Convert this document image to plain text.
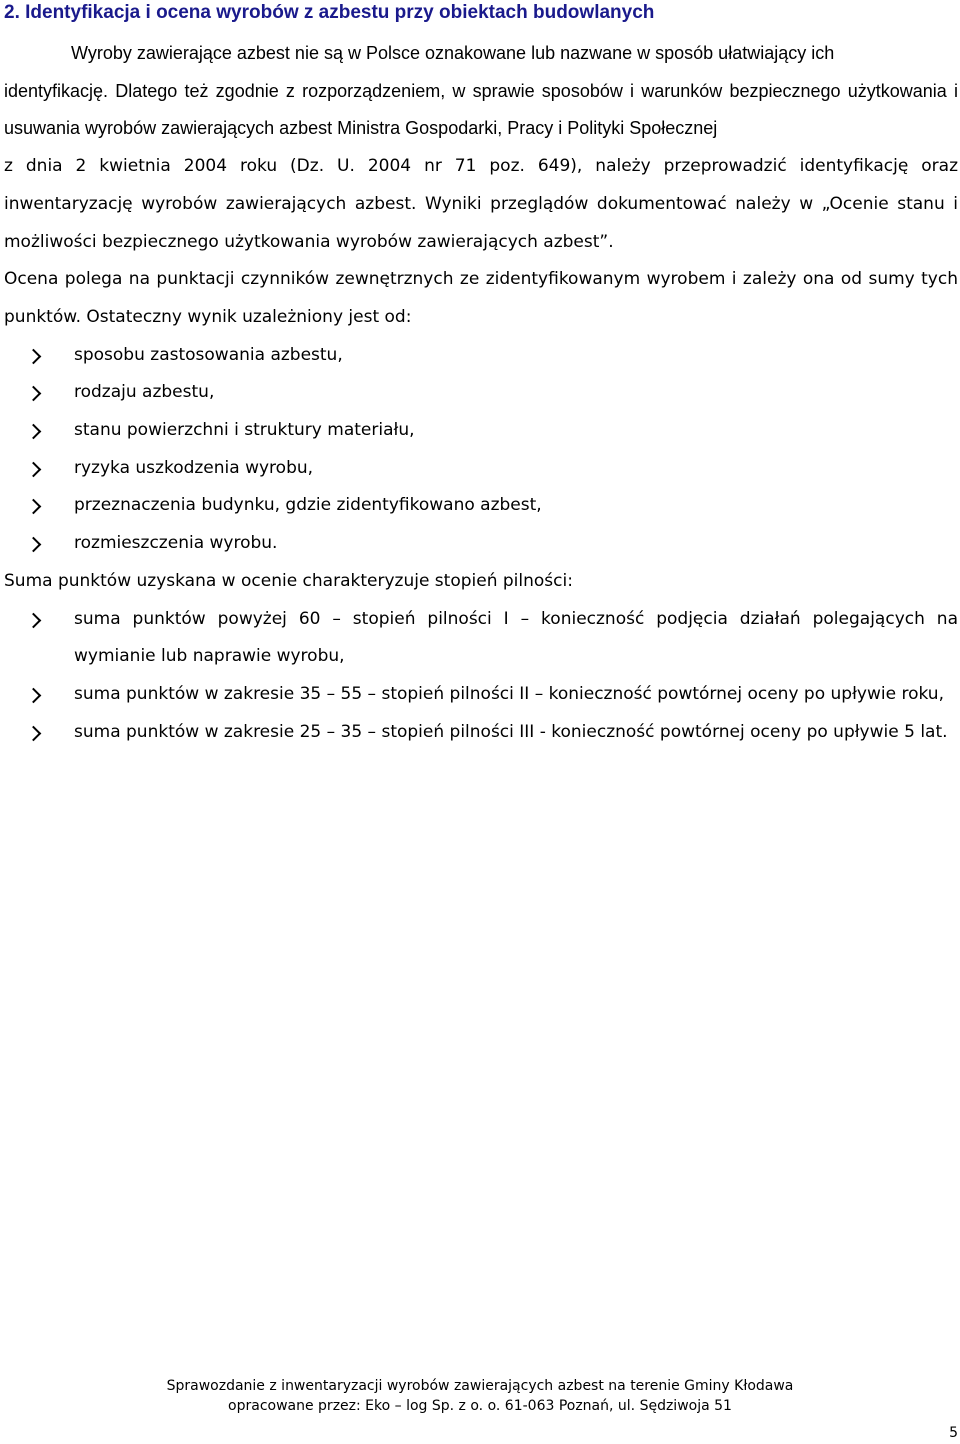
2. Identyfikacja i ocena wyrobów z azbestu przy obiektach budowlanych

Wyroby zawierające azbest nie są w Polsce oznakowane lub nazwane w sposób ułatwiający ich

identyfikację. Dlatego też zgodnie z rozporządzeniem, w sprawie sposobów i warunków bezpiecznego użytkowania i usuwania wyrobów zawierających azbest Ministra Gospodarki, Pracy i Polityki Społecznej

z dnia 2 kwietnia 2004 roku (Dz. U. 2004 nr 71 poz. 649), należy przeprowadzić identyfikację oraz inwentaryzację wyrobów zawierających azbest. Wyniki przeglądów dokumentować należy w „Ocenie stanu i możliwości bezpiecznego użytkowania wyrobów zawierających azbest”.

Ocena polega na punktacji czynników zewnętrznych ze zidentyfikowanym wyrobem i zależy ona od sumy tych punktów. Ostateczny wynik uzależniony jest od:

sposobu zastosowania azbestu,
rodzaju azbestu,
stanu powierzchni i struktury materiału,
ryzyka uszkodzenia wyrobu,
przeznaczenia budynku, gdzie zidentyfikowano azbest,
rozmieszczenia wyrobu.

Suma punktów uzyskana w ocenie charakteryzuje stopień pilności:

suma punktów powyżej 60 – stopień pilności I – konieczność podjęcia działań polegających na wymianie lub naprawie wyrobu,
suma punktów w zakresie 35 – 55 – stopień pilności II – konieczność powtórnej oceny po upływie roku,
suma punktów w zakresie 25 – 35 – stopień pilności III - konieczność powtórnej oceny po upływie 5 lat.
Sprawozdanie z inwentaryzacji wyrobów zawierających azbest na terenie Gminy Kłodawa
opracowane przez: Eko – log Sp. z o. o. 61-063 Poznań, ul. Sędziwoja 51
5
